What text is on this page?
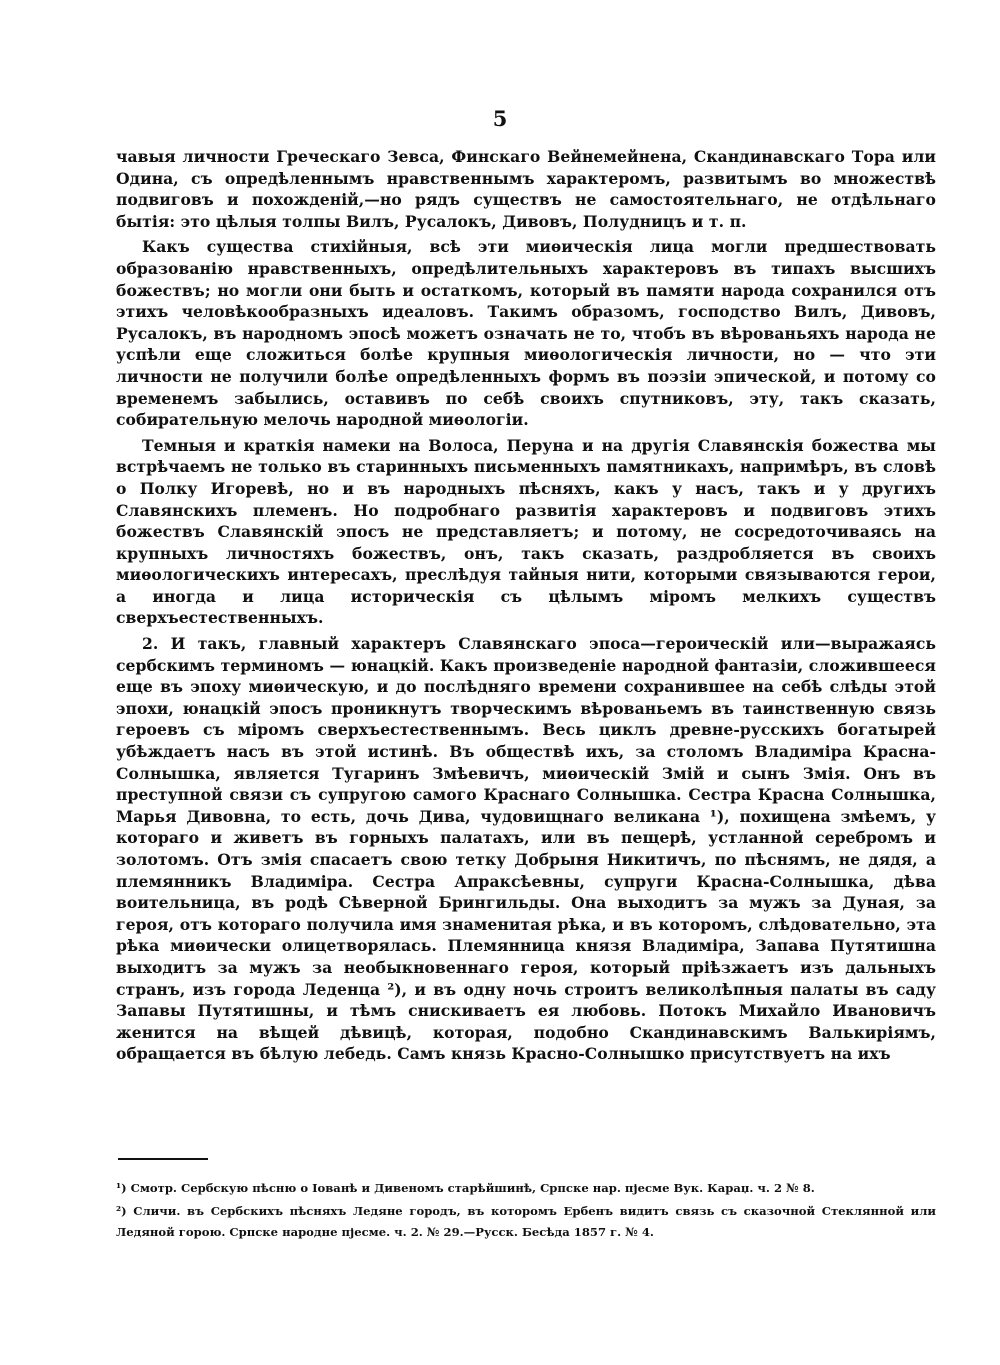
5

чавыя личности Греческаго Зевса, Финскаго Вейнемейнена, Скандинавскаго Тора или Одина, съ опредѣленнымъ нравственнымъ характеромъ, развитымъ во множествѣ подвиговъ и похожденій,—но рядъ существъ не самостоятельнаго, не отдѣльнаго бытія: это цѣлыя толпы Вилъ, Русалокъ, Дивовъ, Полудницъ и т. п.

Какъ существа стихійныя, всѣ эти миѳическія лица могли предшествовать образованію нравственныхъ, опредѣлительныхъ характеровъ въ типахъ высшихъ божествъ; но могли они быть и остаткомъ, который въ памяти народа сохранился отъ этихъ человѣкообразныхъ идеаловъ. Такимъ образомъ, господство Вилъ, Дивовъ, Русалокъ, въ народномъ эпосѣ можетъ означать не то, чтобъ въ вѣрованьяхъ народа не успѣли еще сложиться болѣе крупныя миѳологическія личности, но — что эти личности не получили болѣе опредѣленныхъ формъ въ поэзіи эпической, и потому со временемъ забылись, оставивъ по себѣ своихъ спутниковъ, эту, такъ сказать, собирательную мелочь народной миѳологіи.

Темныя и краткія намеки на Волоса, Перуна и на другія Славянскія божества мы встрѣчаемъ не только въ старинныхъ письменныхъ памятникахъ, напримѣръ, въ словѣ о Полку Игоревѣ, но и въ народныхъ пѣсняхъ, какъ у насъ, такъ и у другихъ Славянскихъ племенъ. Но подробнаго развитія характеровъ и подвиговъ этихъ божествъ Славянскій эпосъ не представляетъ; и потому, не сосредоточиваясь на крупныхъ личностяхъ божествъ, онъ, такъ сказать, раздробляется въ своихъ миѳологическихъ интересахъ, преслѣдуя тайныя нити, которыми связываются герои, а иногда и лица историческія съ цѣлымъ міромъ мелкихъ существъ сверхъестественныхъ.

2. И такъ, главный характеръ Славянскаго эпоса—героическій или—выражаясь сербскимъ терминомъ — юнацкій. Какъ произведеніе народной фантазіи, сложившееся еще въ эпоху миѳическую, и до послѣдняго времени сохранившее на себѣ слѣды этой эпохи, юнацкій эпосъ проникнутъ творческимъ вѣрованьемъ въ таинственную связь героевъ съ міромъ сверхъестественнымъ. Весь циклъ древне-русскихъ богатырей убѣждаетъ насъ въ этой истинѣ. Въ обществѣ ихъ, за столомъ Владиміра Красна-Солнышка, является Тугаринъ Змѣевичъ, миѳическій Змій и сынъ Змія. Онъ въ преступной связи съ супругою самого Краснаго Солнышка. Сестра Красна Солнышка, Марья Дивовна, то есть, дочь Дива, чудовищнаго великана ¹), похищена змѣемъ, у котораго и живетъ въ горныхъ палатахъ, или въ пещерѣ, устланной серебромъ и золотомъ. Отъ змія спасаетъ свою тетку Добрыня Никитичъ, по пѣснямъ, не дядя, а племянникъ Владиміра. Сестра Апраксѣевны, супруги Красна-Солнышка, дѣва воительница, въ родѣ Сѣверной Брингильды. Она выходитъ за мужъ за Дуная, за героя, отъ котораго получила имя знаменитая рѣка, и въ которомъ, слѣдовательно, эта рѣка миѳически олицетворялась. Племянница князя Владиміра, Запава Путятишна выходитъ за мужъ за необыкновеннаго героя, который пріѣзжаетъ изъ дальныхъ странъ, изъ города Леденца ²), и въ одну ночь строитъ великолѣпныя палаты въ саду Запавы Путятишны, и тѣмъ снискиваетъ ея любовь. Потокъ Михайло Ивановичъ женится на вѣщей дѣвицѣ, которая, подобно Скандинавскимъ Валькиріямъ, обращается въ бѣлую лебедь. Самъ князь Красно-Солнышко присутствуетъ на ихъ

¹) Смотр. Сербскую пѣсню о Іованѣ и Дивеномъ старѣйшинѣ, Српске нар. пјесме Вук. Караџ. ч. 2 № 8.

²) Сличи. въ Сербскихъ пѣсняхъ Ледяне городъ, въ которомъ Ербенъ видитъ связь съ сказочной Стеклянной или Ледяной горою. Српске народне пјесме. ч. 2. № 29.—Русск. Бесѣда 1857 г. № 4.
